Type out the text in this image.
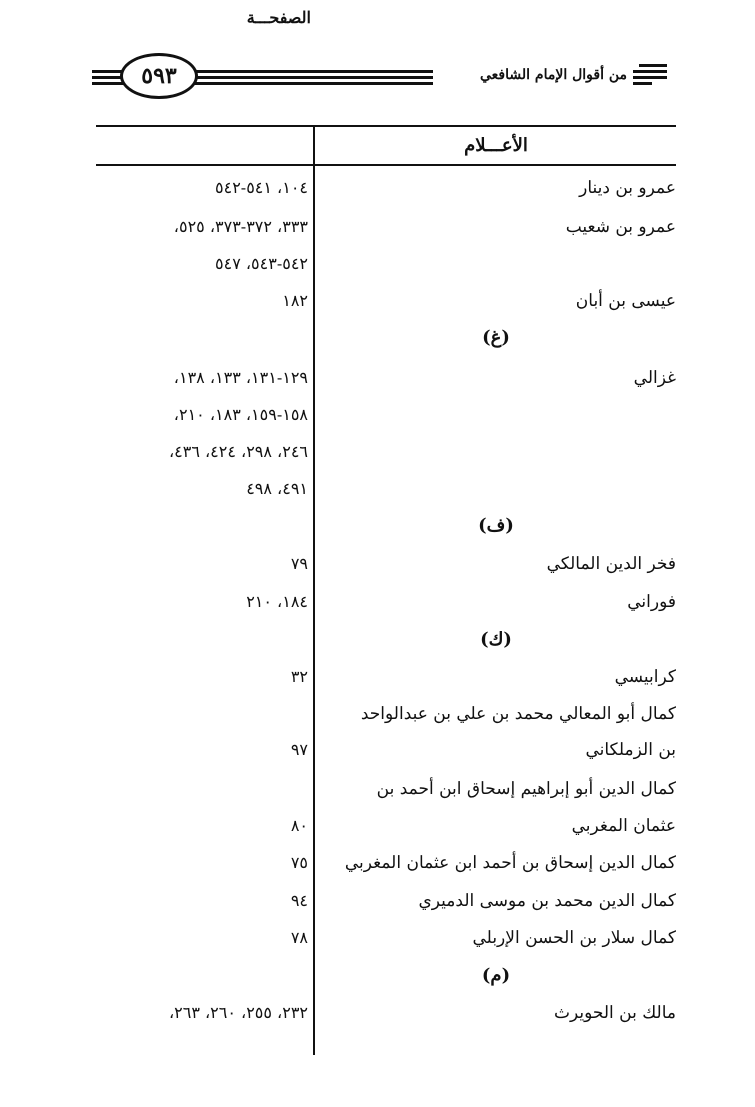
من أقوال الإمام الشافعي
٥٩٣
الأعـــلام
الصفحـــة
عمرو بن دينار
١٠٤، ٥٤١-٥٤٢
عمرو بن شعيب
٣٣٣، ٣٧٢-٣٧٣، ٥٢٥،
٥٤٢-٥٤٣، ٥٤٧
عيسى بن أبان
١٨٢
(غ)
غزالي
١٢٩-١٣١، ١٣٣، ١٣٨،
١٥٨-١٥٩، ١٨٣، ٢١٠،
٢٤٦، ٢٩٨، ٤٢٤، ٤٣٦،
٤٩١، ٤٩٨
(ف)
فخر الدين المالكي
٧٩
فوراني
١٨٤، ٢١٠
(ك)
كرابيسي
٣٢
كمال أبو المعالي محمد بن علي بن عبدالواحد
بن الزملكاني
٩٧
كمال الدين أبو إبراهيم إسحاق ابن أحمد بن
عثمان المغربي
٨٠
كمال الدين إسحاق بن أحمد ابن عثمان المغربي
٧٥
كمال الدين محمد بن موسى الدميري
٩٤
كمال سلار بن الحسن الإربلي
٧٨
(م)
مالك بن الحويرث
٢٣٢، ٢٥٥، ٢٦٠، ٢٦٣،
